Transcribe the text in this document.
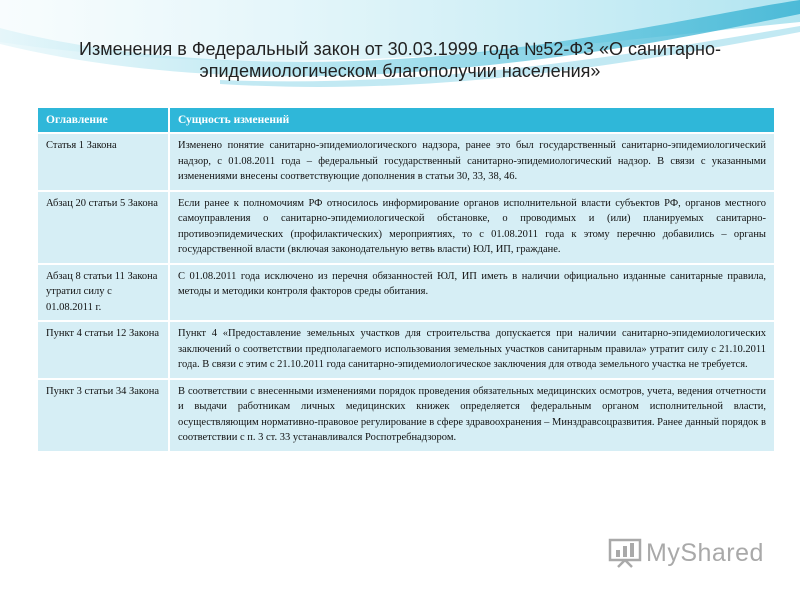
Изменения в Федеральный закон от 30.03.1999 года №52-ФЗ «О санитарно-
эпидемиологическом благополучии населения»
Оглавление	Сущность изменений
Статья 1 Закона	Изменено понятие санитарно-эпидемиологического надзора, ранее это был государственный санитарно-эпидемиологический надзор, с 01.08.2011 года – федеральный государственный санитарно-эпидемиологический надзор. В связи с указанными изменениями внесены соответствующие дополнения в статьи 30, 33, 38, 46.
Абзац 20 статьи 5 Закона	Если ранее к полномочиям РФ относилось информирование органов исполнительной власти субъектов РФ, органов местного самоуправления о санитарно-эпидемиологической обстановке, о проводимых и (или) планируемых санитарно-противоэпидемических (профилактических) мероприятиях, то с 01.08.2011 года к этому перечню добавились – органы государственной власти (включая законодательную ветвь власти) ЮЛ, ИП, граждане.
Абзац 8 статьи 11 Закона утратил силу с 01.08.2011 г.	С 01.08.2011 года исключено из перечня обязанностей ЮЛ, ИП иметь в наличии официально изданные санитарные правила, методы и методики контроля факторов среды обитания.
Пункт 4 статьи 12 Закона	Пункт 4 «Предоставление земельных участков для строительства допускается при наличии санитарно-эпидемиологических заключений о соответствии предполагаемого использования земельных участков санитарным правила» утратит силу с 21.10.2011 года. В связи с этим с 21.10.2011 года санитарно-эпидемиологическое заключения для отвода земельного участка не требуется.
Пункт 3 статьи 34 Закона	В соответствии с внесенными изменениями порядок проведения обязательных медицинских осмотров, учета, ведения отчетности и выдачи работникам личных медицинских книжек определяется федеральным органом исполнительной власти, осуществляющим нормативно-правовое регулирование в сфере здравоохранения – Минздравсоцразвития. Ранее данный порядок в соответствии с п. 3 ст. 33 устанавливался Роспотребнадзором.
MyShared
